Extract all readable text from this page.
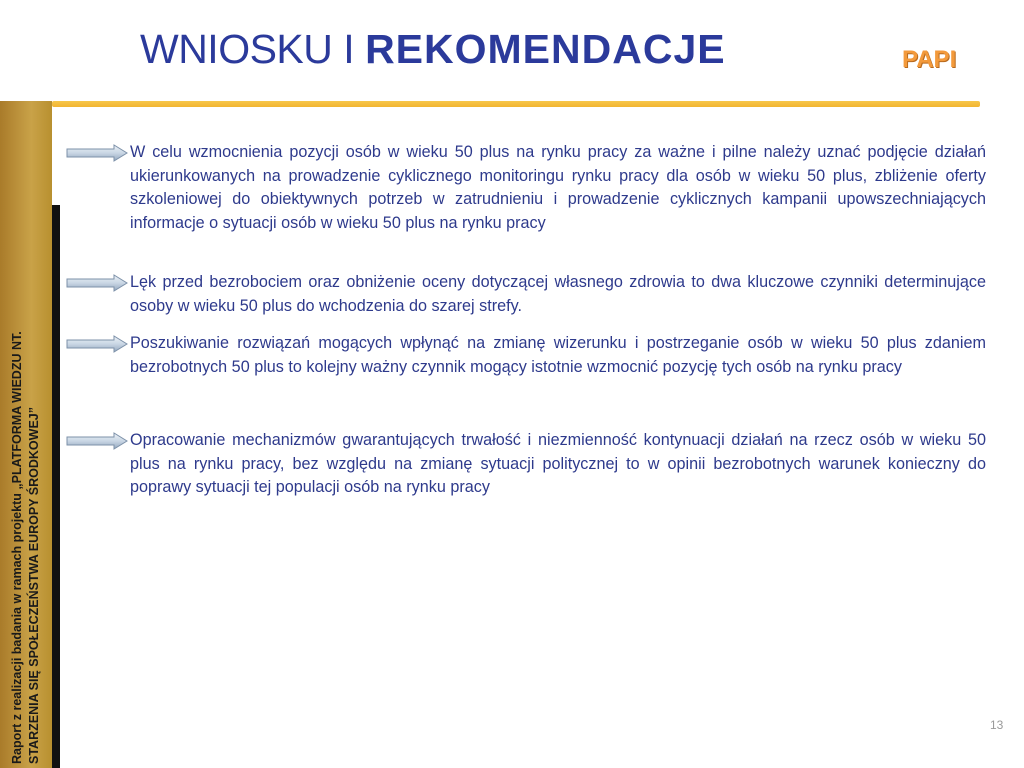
WNIOSKU I REKOMENDACJE	PAPI
Raport z realizacji badania w ramach projektu „PLATFORMA WIEDZU NT. STARZENIA SIĘ SPOŁECZEŃSTWA EUROPY ŚRODKOWEJ”

W celu wzmocnienia pozycji osób w wieku 50 plus na rynku pracy za ważne i pilne należy uznać podjęcie działań ukierunkowanych na prowadzenie cyklicznego monitoringu rynku pracy dla osób w wieku 50 plus, zbliżenie oferty szkoleniowej do obiektywnych potrzeb w zatrudnieniu i prowadzenie cyklicznych kampanii upowszechniających informacje o sytuacji osób w wieku 50 plus na rynku pracy

Lęk przed bezrobociem oraz obniżenie oceny dotyczącej własnego zdrowia to dwa kluczowe czynniki determinujące osoby w wieku 50 plus do wchodzenia do szarej strefy.

Poszukiwanie rozwiązań mogących wpłynąć na zmianę wizerunku i postrzeganie osób w wieku 50 plus zdaniem bezrobotnych 50 plus to kolejny ważny czynnik mogący istotnie wzmocnić pozycję tych osób na rynku pracy

Opracowanie mechanizmów gwarantujących trwałość i niezmienność kontynuacji działań na rzecz osób w wieku 50 plus na rynku pracy, bez względu na zmianę sytuacji politycznej to w opinii bezrobotnych warunek konieczny do poprawy sytuacji tej populacji osób na rynku pracy

13
